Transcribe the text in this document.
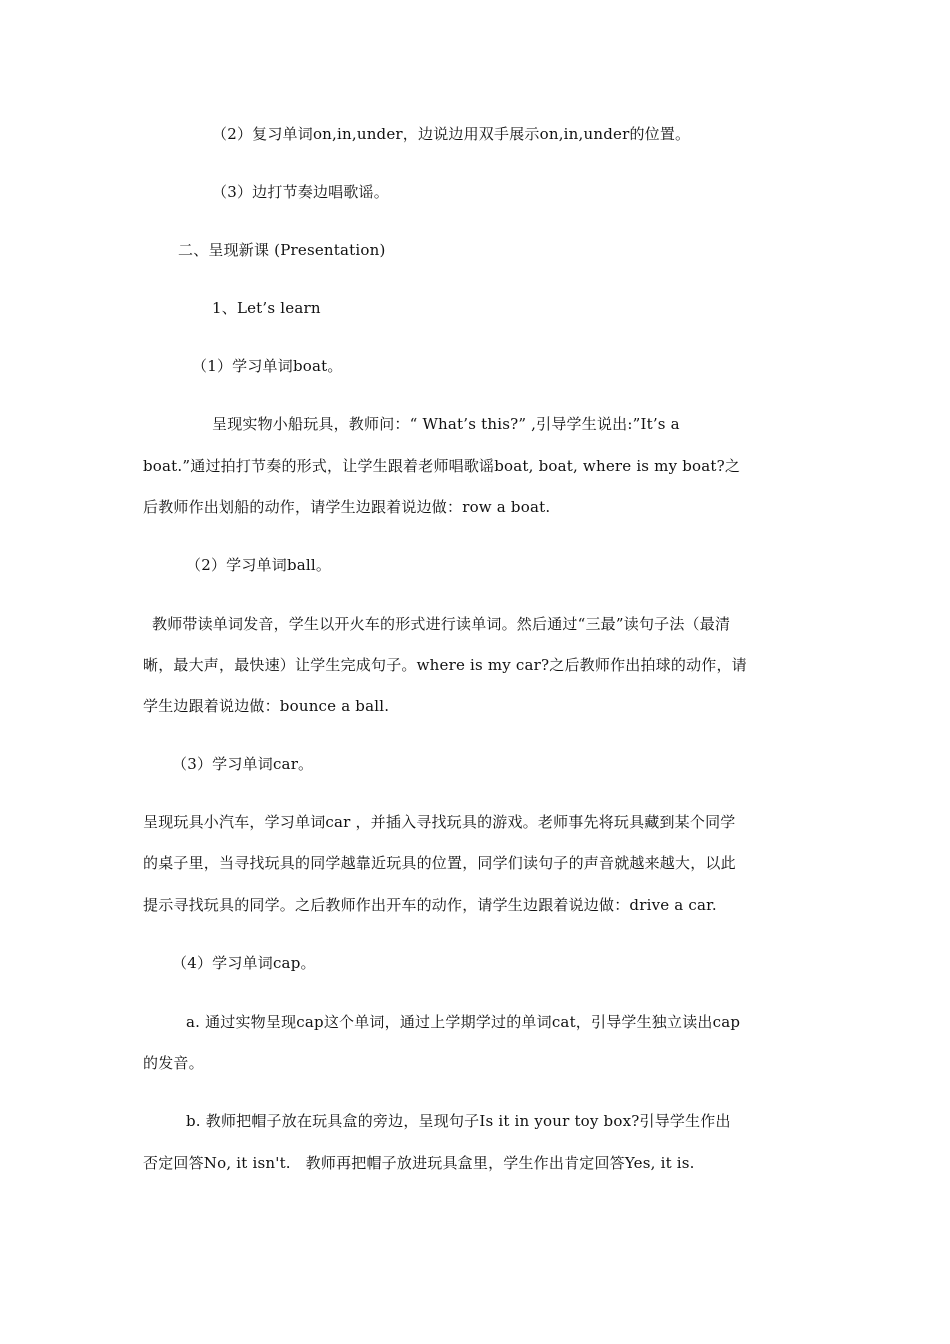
（2）复习单词on,in,under，边说边用双手展示on,in,under的位置。
（3）边打节奏边唱歌谣。
二、呈现新课 (Presentation)
1、Let’s learn
（1）学习单词boat。
呈现实物小船玩具，教师问：“ What’s this?” ,引导学生说出:”It’s a
boat.”通过拍打节奏的形式，让学生跟着老师唱歌谣boat, boat, where is my boat?之
后教师作出划船的动作，请学生边跟着说边做：row a boat.
（2）学习单词ball。
教师带读单词发音，学生以开火车的形式进行读单词。然后通过“三最”读句子法（最清
晰，最大声，最快速）让学生完成句子。where is my car?之后教师作出拍球的动作，请
学生边跟着说边做：bounce a ball.
（3）学习单词car。
呈现玩具小汽车，学习单词car ，并插入寻找玩具的游戏。老师事先将玩具藏到某个同学
的桌子里，当寻找玩具的同学越靠近玩具的位置，同学们读句子的声音就越来越大，以此
提示寻找玩具的同学。之后教师作出开车的动作，请学生边跟着说边做：drive a car.
（4）学习单词cap。
a. 通过实物呈现cap这个单词，通过上学期学过的单词cat，引导学生独立读出cap
的发音。
b. 教师把帽子放在玩具盒的旁边，呈现句子Is it in your toy box?引导学生作出
否定回答No, it isn't.   教师再把帽子放进玩具盒里，学生作出肯定回答Yes, it is.
